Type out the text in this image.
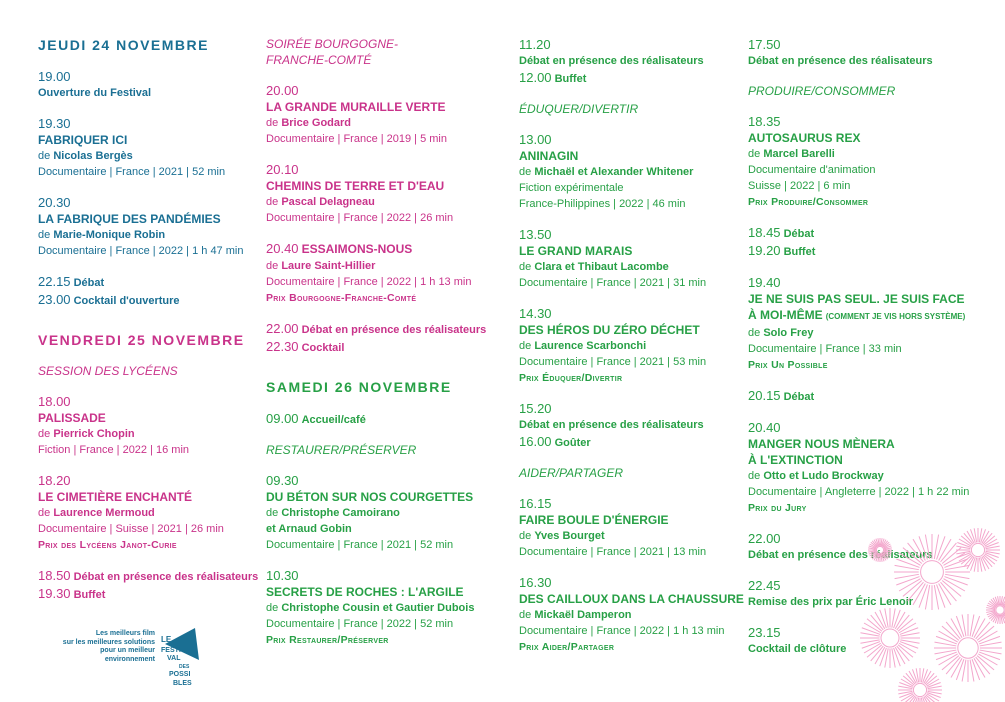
JEUDI 24 NOVEMBRE
19.00
Ouverture du Festival
19.30
FABRIQUER ICI
de Nicolas Bergès
Documentaire | France | 2021 | 52 min
20.30
LA FABRIQUE DES PANDÉMIES
de Marie-Monique Robin
Documentaire | France | 2022 | 1 h 47 min
22.15 Débat
23.00 Cocktail d'ouverture
VENDREDI 25 NOVEMBRE
SESSION DES LYCÉENS
18.00
PALISSADE
de Pierrick Chopin
Fiction | France | 2022 | 16 min
18.20
LE CIMETIÈRE ENCHANTÉ
de Laurence Mermoud
Documentaire | Suisse | 2021 | 26 min
Prix des Lycéens Janot-Curie
18.50 Débat en présence des réalisateurs
19.30 Buffet
SOIRÉE BOURGOGNE-
FRANCHE-COMTÉ
20.00
LA GRANDE MURAILLE VERTE
de Brice Godard
Documentaire | France | 2019 | 5 min
20.10
CHEMINS DE TERRE ET D'EAU
de Pascal Delagneau
Documentaire | France | 2022 | 26 min
20.40 ESSAIMONS-NOUS
de Laure Saint-Hillier
Documentaire | France | 2022 | 1 h 13 min
Prix Bourgogne-Franche-Comté
22.00 Débat en présence des réalisateurs
22.30 Cocktail
SAMEDI 26 NOVEMBRE
09.00 Accueil/café
RESTAURER/PRÉSERVER
09.30
DU BÉTON SUR NOS COURGETTES
de Christophe Camoirano
et Arnaud Gobin
Documentaire | France | 2021 | 52 min
10.30
SECRETS DE ROCHES : L'ARGILE
de Christophe Cousin et Gautier Dubois
Documentaire | France | 2022 | 52 min
Prix Restaurer/Préserver
11.20
Débat en présence des réalisateurs
12.00 Buffet
ÉDUQUER/DIVERTIR
13.00
ANINAGIN
de Michaël et Alexander Whitener
Fiction expérimentale
France-Philippines | 2022 | 46 min
13.50
LE GRAND MARAIS
de Clara et Thibaut Lacombe
Documentaire | France | 2021 | 31 min
14.30
DES HÉROS DU ZÉRO DÉCHET
de Laurence Scarbonchi
Documentaire | France | 2021 | 53 min
Prix Éduquer/Divertir
15.20
Débat en présence des réalisateurs
16.00 Goûter
AIDER/PARTAGER
16.15
FAIRE BOULE D'ÉNERGIE
de Yves Bourget
Documentaire | France | 2021 | 13 min
16.30
DES CAILLOUX DANS LA CHAUSSURE
de Mickaël Damperon
Documentaire | France | 2022 | 1 h 13 min
Prix Aider/Partager
17.50
Débat en présence des réalisateurs
PRODUIRE/CONSOMMER
18.35
AUTOSAURUS REX
de Marcel Barelli
Documentaire d'animation
Suisse | 2022 | 6 min
Prix Produire/Consommer
18.45 Débat
19.20 Buffet
19.40
JE NE SUIS PAS SEUL. JE SUIS FACE
À MOI-MÊME (COMMENT JE VIS HORS SYSTÈME)
de Solo Frey
Documentaire | France | 33 min
Prix Un Possible
20.15 Débat
20.40
MANGER NOUS MÈNERA
À L'EXTINCTION
de Otto et Ludo Brockway
Documentaire | Angleterre | 2022 | 1 h 22 min
Prix du Jury
22.00
Débat en présence des réalisateurs
22.45
Remise des prix par Éric Lenoir
23.15
Cocktail de clôture
Les meilleurs film
sur les meilleures solutions
pour un meilleur environnement
LE
FESTI
VAL
DES
POSSI
BLES
